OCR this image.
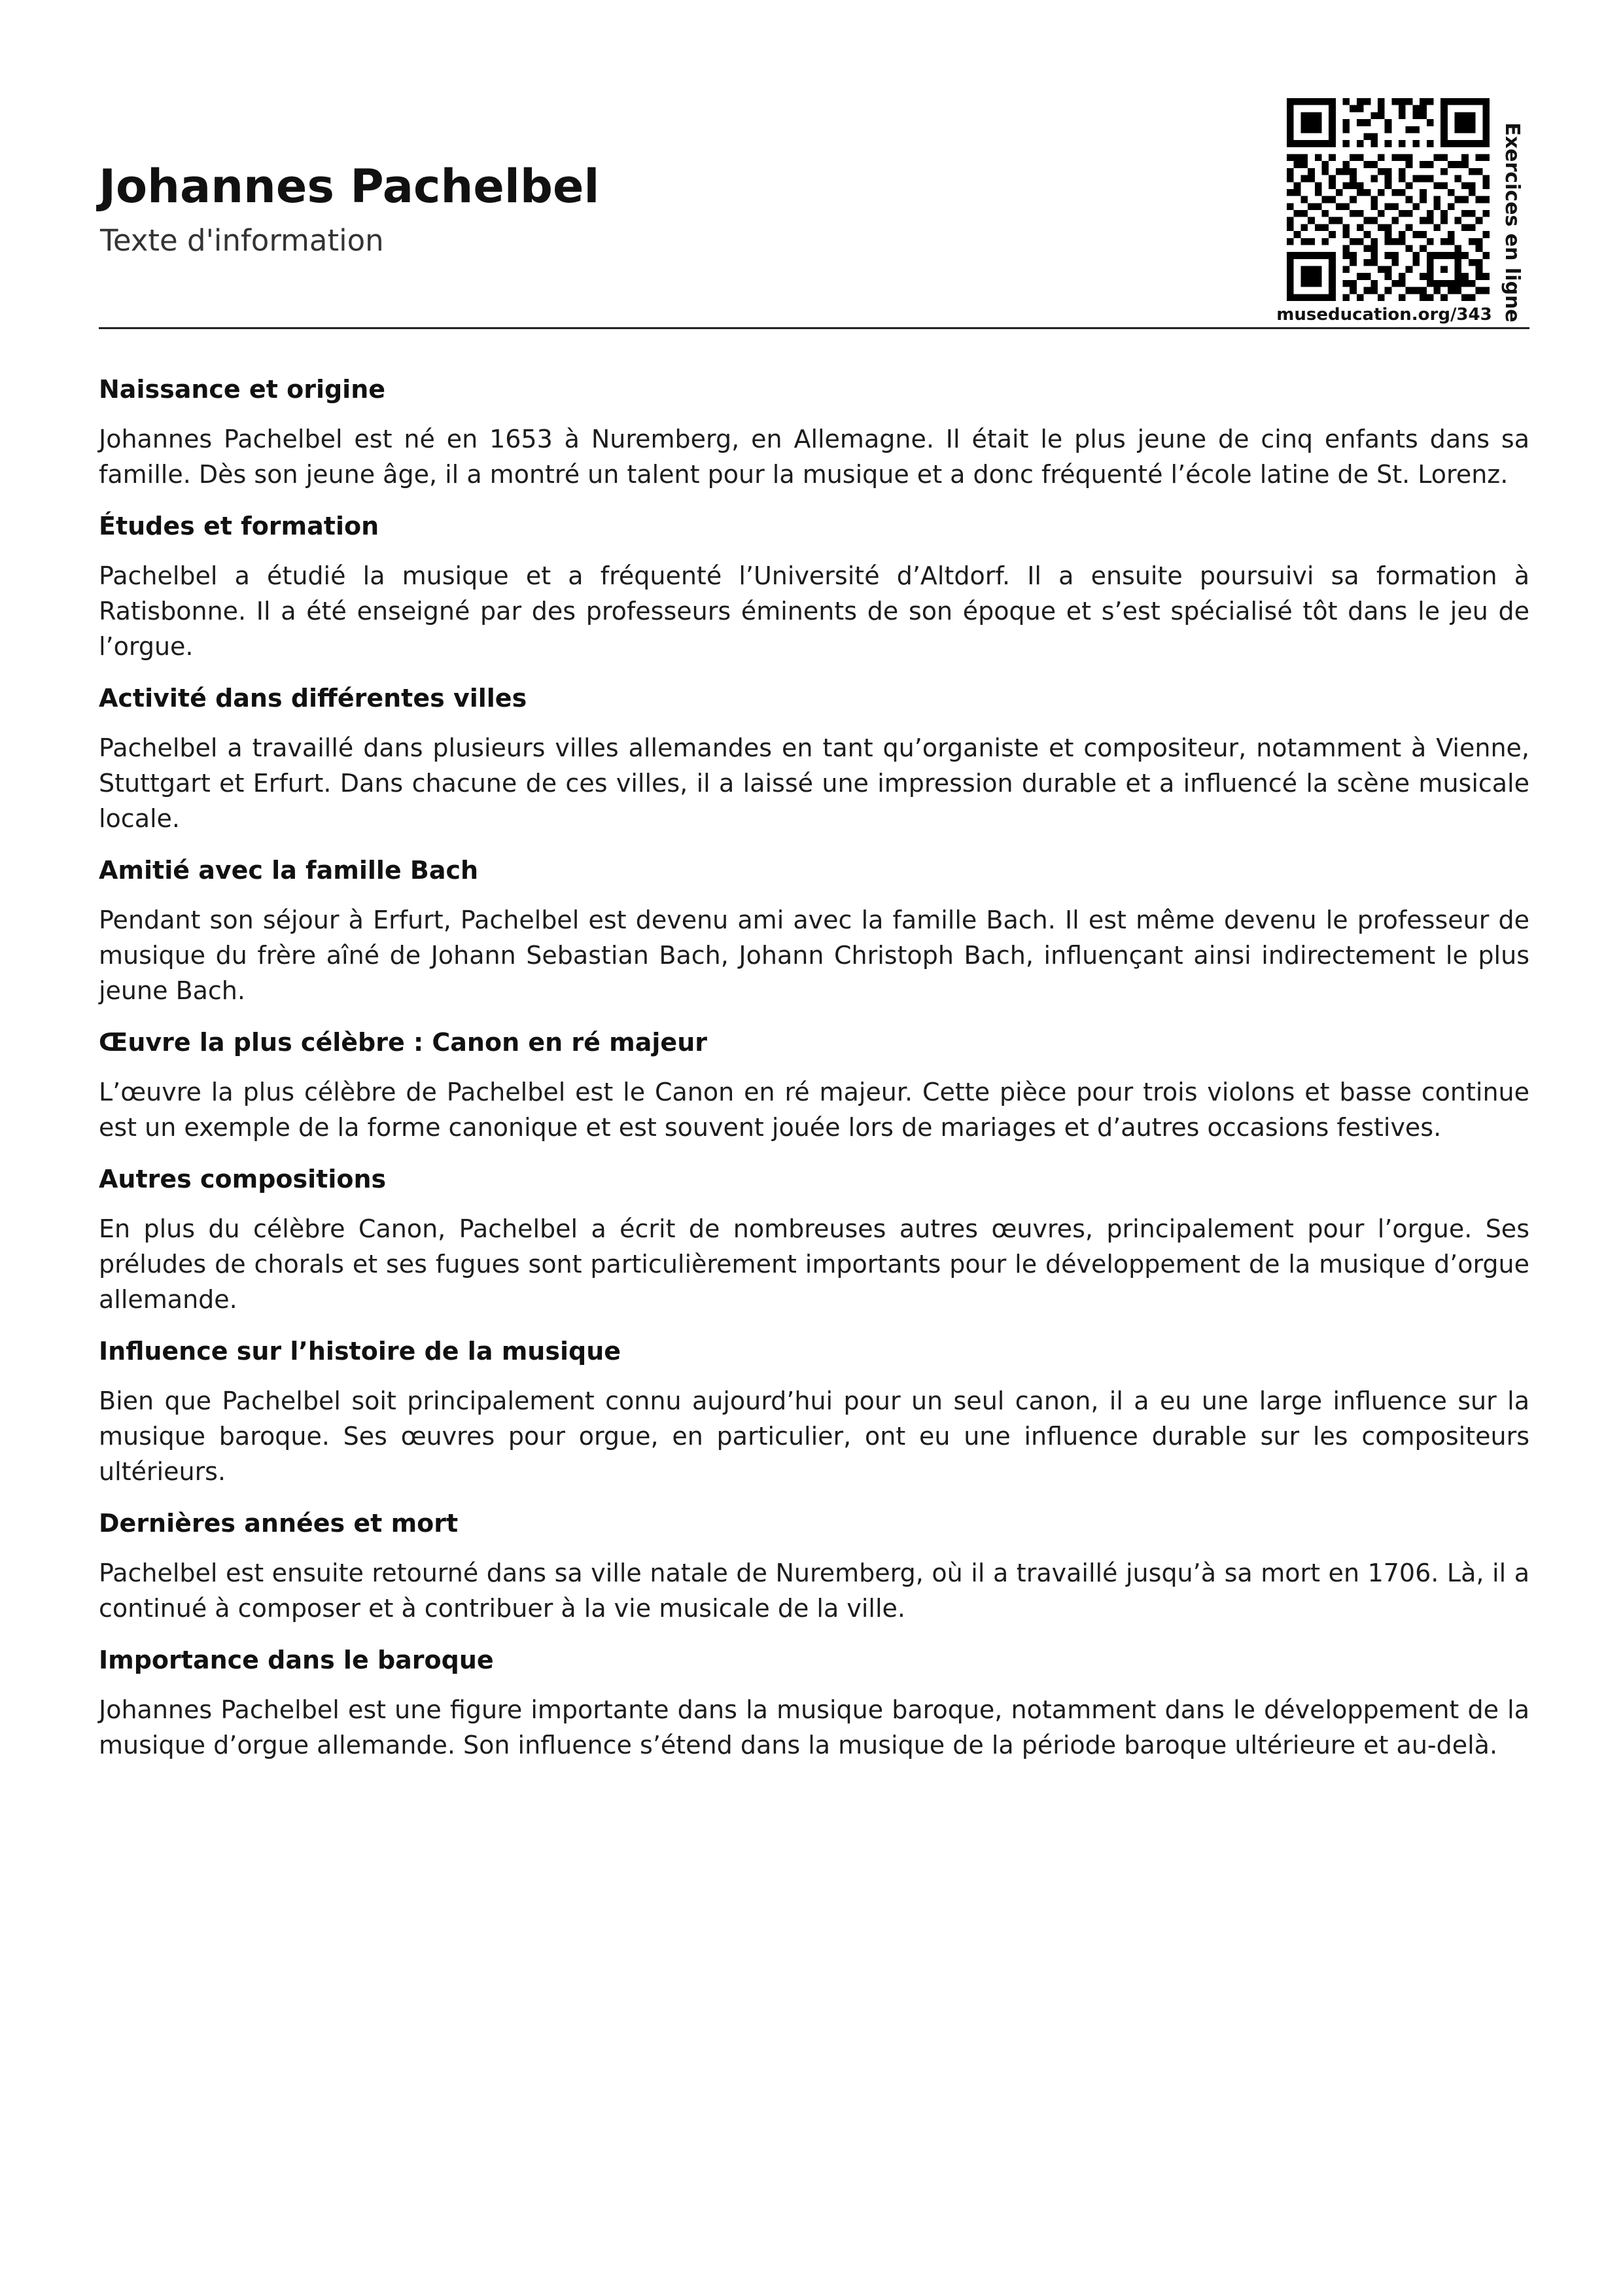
Johannes Pachelbel

Texte d'information

museducation.org/343 Exercices en ligne
Naissance et origine

Johannes Pachelbel est né en 1653 à Nuremberg, en Allemagne. Il était le plus jeune de cinq enfants dans sa famille. Dès son jeune âge, il a montré un talent pour la musique et a donc fréquenté l’école latine de St. Lorenz.

Études et formation

Pachelbel a étudié la musique et a fréquenté l’Université d’Altdorf. Il a ensuite poursuivi sa formation à Ratisbonne. Il a été enseigné par des professeurs éminents de son époque et s’est spécialisé tôt dans le jeu de l’orgue.

Activité dans différentes villes

Pachelbel a travaillé dans plusieurs villes allemandes en tant qu’organiste et compositeur, notamment à Vienne, Stuttgart et Erfurt. Dans chacune de ces villes, il a laissé une impression durable et a influencé la scène musicale locale.

Amitié avec la famille Bach

Pendant son séjour à Erfurt, Pachelbel est devenu ami avec la famille Bach. Il est même devenu le professeur de musique du frère aîné de Johann Sebastian Bach, Johann Christoph Bach, influençant ainsi indirectement le plus jeune Bach.

Œuvre la plus célèbre : Canon en ré majeur

L’œuvre la plus célèbre de Pachelbel est le Canon en ré majeur. Cette pièce pour trois violons et basse continue est un exemple de la forme canonique et est souvent jouée lors de mariages et d’autres occasions festives.

Autres compositions

En plus du célèbre Canon, Pachelbel a écrit de nombreuses autres œuvres, principalement pour l’orgue. Ses préludes de chorals et ses fugues sont particulièrement importants pour le développement de la musique d’orgue allemande.

Influence sur l’histoire de la musique

Bien que Pachelbel soit principalement connu aujourd’hui pour un seul canon, il a eu une large influence sur la musique baroque. Ses œuvres pour orgue, en particulier, ont eu une influence durable sur les compositeurs ultérieurs.

Dernières années et mort

Pachelbel est ensuite retourné dans sa ville natale de Nuremberg, où il a travaillé jusqu’à sa mort en 1706. Là, il a continué à composer et à contribuer à la vie musicale de la ville.

Importance dans le baroque

Johannes Pachelbel est une figure importante dans la musique baroque, notamment dans le développement de la musique d’orgue allemande. Son influence s’étend dans la musique de la période baroque ultérieure et au-delà.
